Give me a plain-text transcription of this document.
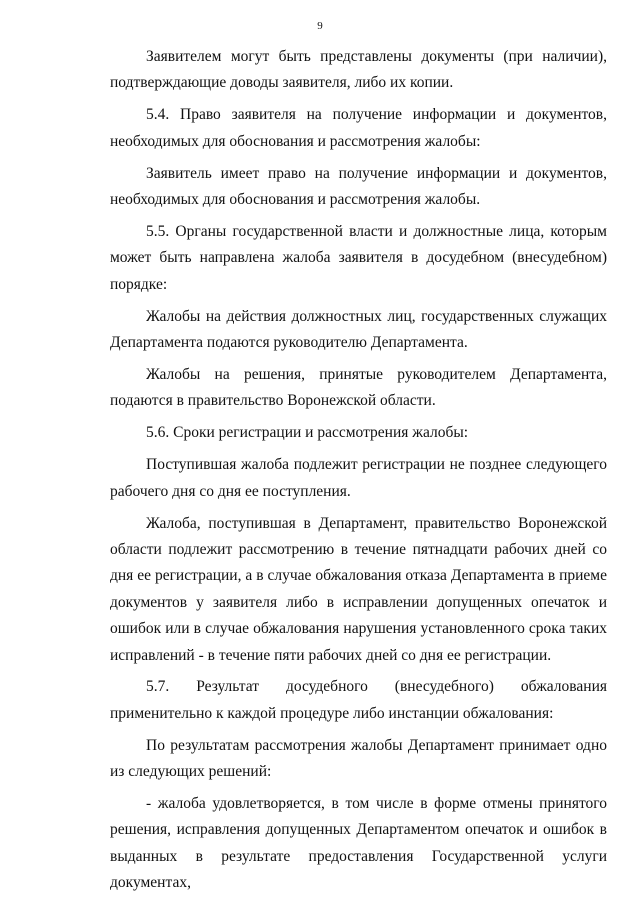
9

Заявителем могут быть представлены документы (при наличии), подтверждающие доводы заявителя, либо их копии.

5.4. Право заявителя на получение информации и документов, необходимых для обоснования и рассмотрения жалобы:

Заявитель имеет право на получение информации и документов, необходимых для обоснования и рассмотрения жалобы.

5.5. Органы государственной власти и должностные лица, которым может быть направлена жалоба заявителя в досудебном (внесудебном) порядке:

Жалобы на действия должностных лиц, государственных служащих Департамента подаются руководителю Департамента.

Жалобы на решения, принятые руководителем Департамента, подаются в правительство Воронежской области.

5.6. Сроки регистрации и рассмотрения жалобы:

Поступившая жалоба подлежит регистрации не позднее следующего рабочего дня со дня ее поступления.

Жалоба, поступившая в Департамент, правительство Воронежской области подлежит рассмотрению в течение пятнадцати рабочих дней со дня ее регистрации, а в случае обжалования отказа Департамента в приеме документов у заявителя либо в исправлении допущенных опечаток и ошибок или в случае обжалования нарушения установленного срока таких исправлений - в течение пяти рабочих дней со дня ее регистрации.

5.7. Результат досудебного (внесудебного) обжалования применительно к каждой процедуре либо инстанции обжалования:

По результатам рассмотрения жалобы Департамент принимает одно из следующих решений:

- жалоба удовлетворяется, в том числе в форме отмены принятого решения, исправления допущенных Департаментом опечаток и ошибок в выданных в результате предоставления Государственной услуги документах,

ˏ
